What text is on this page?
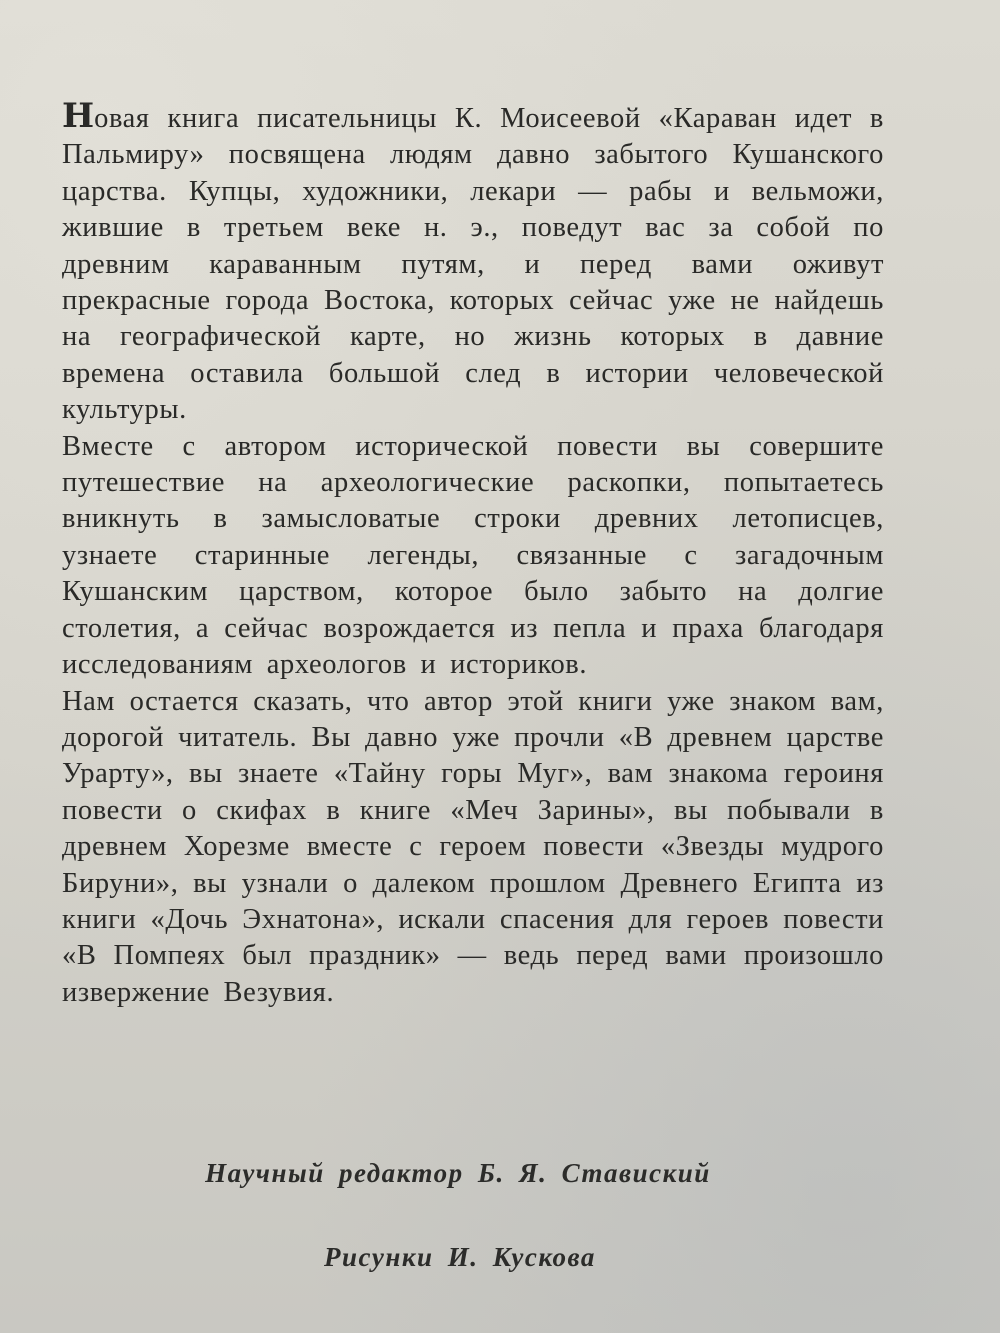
Новая книга писательницы К. Моисеевой «Караван идет в Пальмиру» посвящена людям давно забытого Кушанского царства. Купцы, художники, лекари — рабы и вельможи, жившие в третьем веке н. э., поведут вас за собой по древним караванным путям, и перед вами оживут прекрасные города Востока, которых сейчас уже не найдешь на географической карте, но жизнь которых в давние времена оставила большой след в истории человеческой культуры.

Вместе с автором исторической повести вы совершите путешествие на археологические раскопки, попытаетесь вникнуть в замысловатые строки древних летописцев, узнаете старинные легенды, связанные с загадочным Кушанским царством, которое было забыто на долгие столетия, а сейчас возрождается из пепла и праха благодаря исследованиям археологов и историков.

Нам остается сказать, что автор этой книги уже знаком вам, дорогой читатель. Вы давно уже прочли «В древнем царстве Урарту», вы знаете «Тайну горы Муг», вам знакома героиня повести о скифах в книге «Меч Зарины», вы побывали в древнем Хорезме вместе с героем повести «Звезды мудрого Бируни», вы узнали о далеком прошлом Древнего Египта из книги «Дочь Эхнатона», искали спасения для героев повести «В Помпеях был праздник» — ведь перед вами произошло извержение Везувия.

Научный редактор Б. Я. Ставиский
Рисунки И. Кускова
